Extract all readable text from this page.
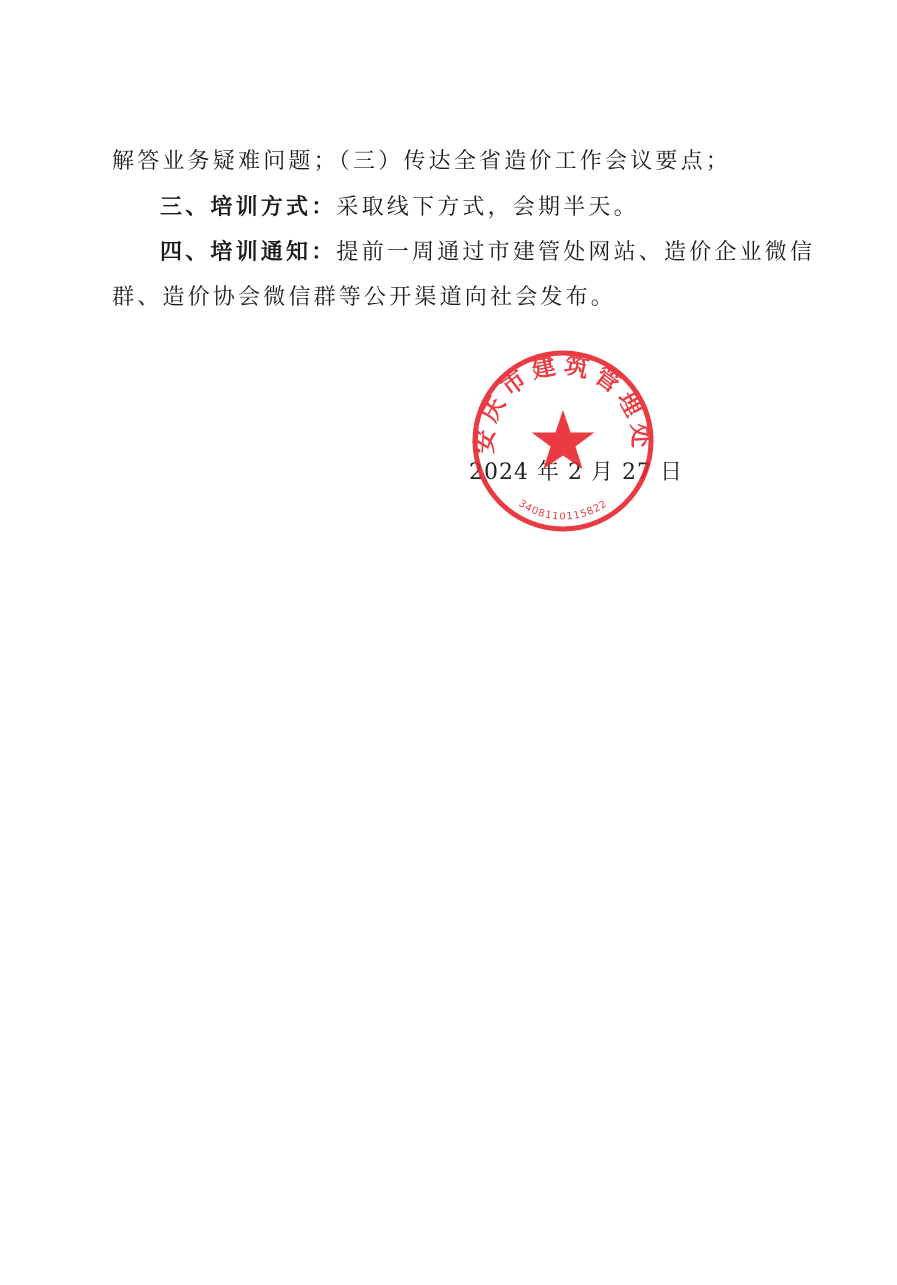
解答业务疑难问题；（三）传达全省造价工作会议要点；
三、培训方式：采取线下方式，会期半天。
四、培训通知：提前一周通过市建管处网站、造价企业微信
群、造价协会微信群等公开渠道向社会发布。
2024 年 2 月 27 日
安庆市建筑管理处
3408110115822
